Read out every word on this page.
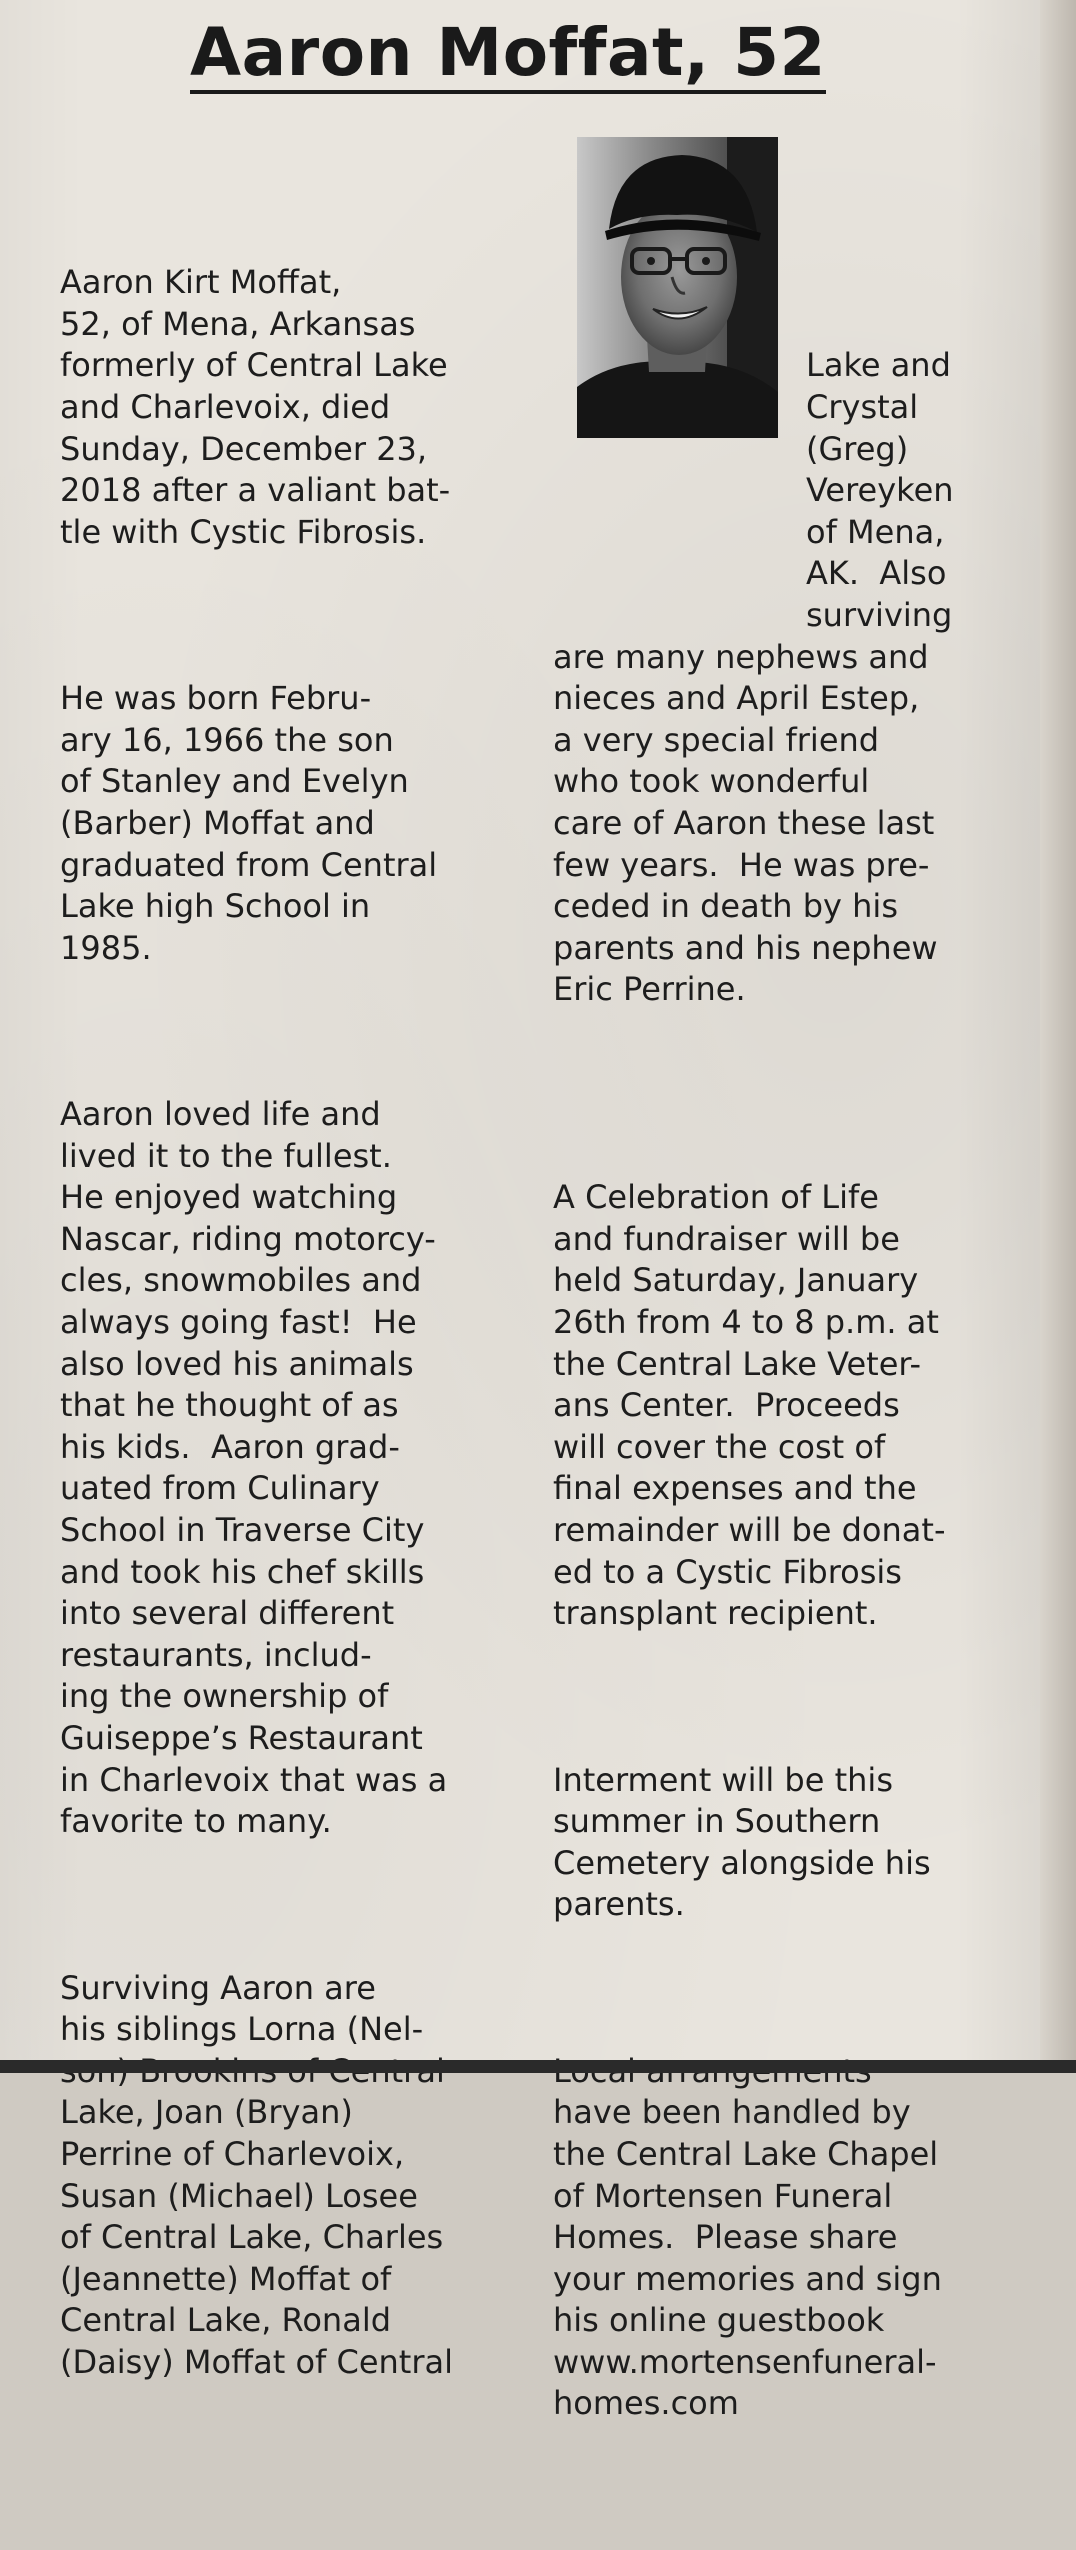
Aaron Moffat, 52

Aaron Kirt Moffat,
52, of Mena, Arkansas
formerly of Central Lake
and Charlevoix, died
Sunday, December 23,
2018 after a valiant bat-
tle with Cystic Fibrosis.

He was born Febru-
ary 16, 1966 the son
of Stanley and Evelyn
(Barber) Moffat and
graduated from Central
Lake high School in
1985.

Aaron loved life and
lived it to the fullest.
He enjoyed watching
Nascar, riding motorcy-
cles, snowmobiles and
always going fast!  He
also loved his animals
that he thought of as
his kids.  Aaron grad-
uated from Culinary
School in Traverse City
and took his chef skills
into several different
restaurants, includ-
ing the ownership of
Guiseppe’s Restaurant
in Charlevoix that was a
favorite to many.

Surviving Aaron are
his siblings Lorna (Nel-

Lake, Joan (Bryan)
Perrine of Charlevoix,
Susan (Michael) Losee
of Central Lake, Charles
(Jeannette) Moffat of
Central Lake, Ronald
(Daisy) Moffat of Central

Lake and
Crystal
(Greg)
Vereyken
of Mena,
AK.  Also
surviving
are many nephews and
nieces and April Estep,
a very special friend
who took wonderful
care of Aaron these last
few years.  He was pre-
ceded in death by his
parents and his nephew
Eric Perrine.

A Celebration of Life
and fundraiser will be
held Saturday, January
26th from 4 to 8 p.m. at
the Central Lake Veter-
ans Center.  Proceeds
will cover the cost of
final expenses and the
remainder will be donat-
ed to a Cystic Fibrosis
transplant recipient.

Interment will be this
summer in Southern
Cemetery alongside his
parents.

have been handled by
the Central Lake Chapel
of Mortensen Funeral
Homes.  Please share
your memories and sign
his online guestbook
www.mortensenfuneral-
homes.com
